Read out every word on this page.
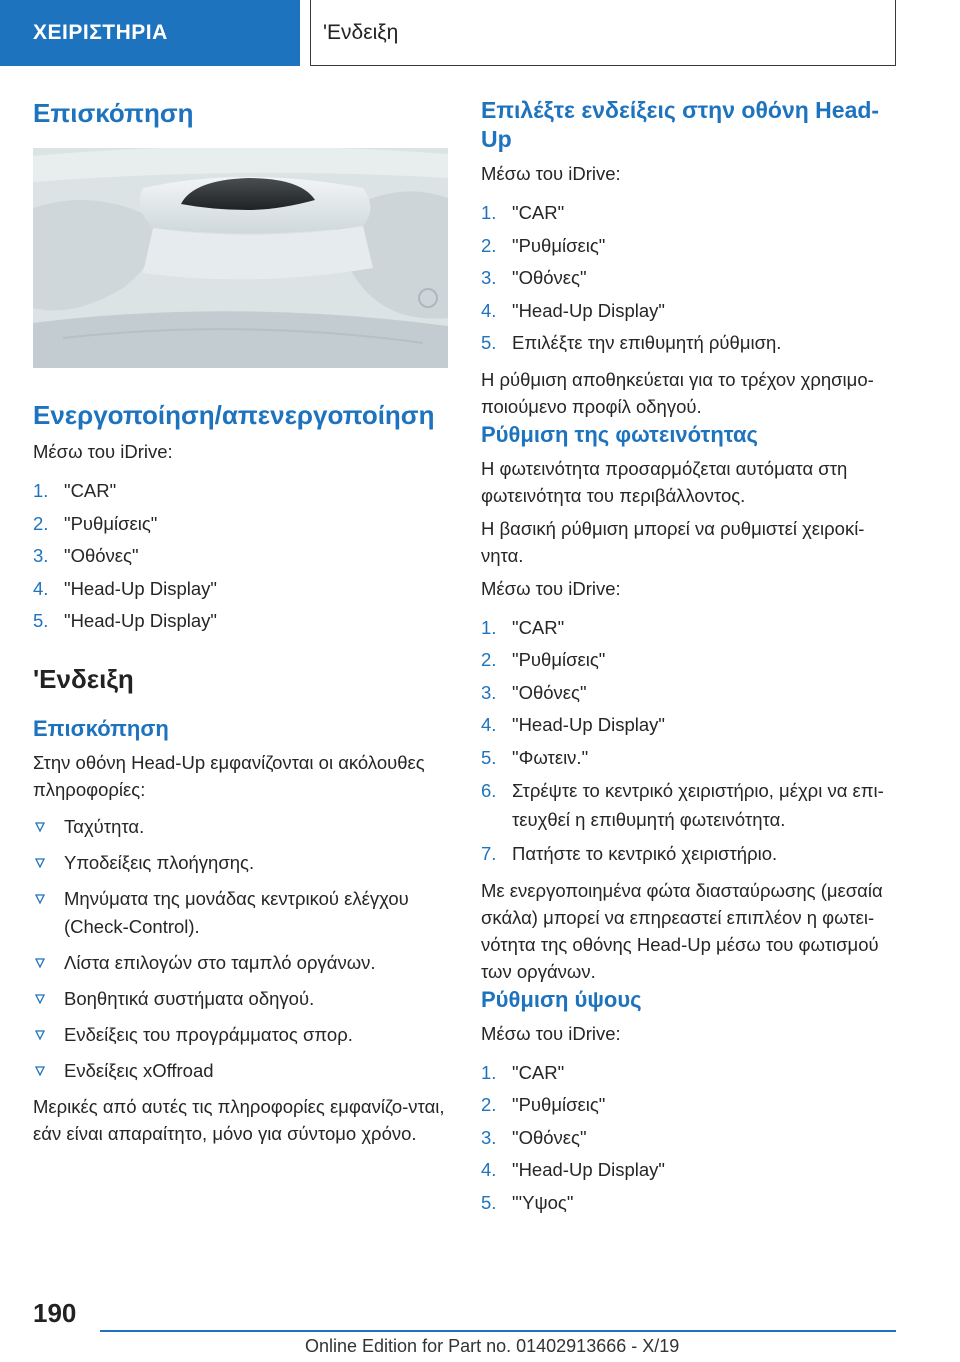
ΧΕΙΡΙΣΤΗΡΙΑ	'Ενδειξη
Επισκόπηση
Ενεργοποίηση/απενεργοποίηση

Μέσω του iDrive:

1. "CAR"
2. "Ρυθμίσεις"
3. "Οθόνες"
4. "Head-Up Display"
5. "Head-Up Display"
'Ενδειξη
Επισκόπηση

Στην οθόνη Head-Up εμφανίζονται οι ακόλουθες πληροφορίες:

Ταχύτητα.
Υποδείξεις πλοήγησης.
Μηνύματα της μονάδας κεντρικού ελέγχου (Check-Control).
Λίστα επιλογών στο ταμπλό οργάνων.
Βοηθητικά συστήματα οδηγού.
Ενδείξεις του προγράμματος σπορ.
Ενδείξεις xOffroad

Μερικές από αυτές τις πληροφορίες εμφανίζο-νται, εάν είναι απαραίτητο, μόνο για σύντομο χρόνο.

Επιλέξτε ενδείξεις στην οθόνη Head-Up

Μέσω του iDrive:

1. "CAR"
2. "Ρυθμίσεις"
3. "Οθόνες"
4. "Head-Up Display"
5. Επιλέξτε την επιθυμητή ρύθμιση.

Η ρύθμιση αποθηκεύεται για το τρέχον χρησιμο-ποιούμενο προφίλ οδηγού.

Ρύθμιση της φωτεινότητας

Η φωτεινότητα προσαρμόζεται αυτόματα στη φωτεινότητα του περιβάλλοντος.

Η βασική ρύθμιση μπορεί να ρυθμιστεί χειροκί-νητα.

Μέσω του iDrive:

1. "CAR"
2. "Ρυθμίσεις"
3. "Οθόνες"
4. "Head-Up Display"
5. "Φωτειν."
6. Στρέψτε το κεντρικό χειριστήριο, μέχρι να επι-τευχθεί η επιθυμητή φωτεινότητα.
7. Πατήστε το κεντρικό χειριστήριο.

Με ενεργοποιημένα φώτα διασταύρωσης (μεσαία σκάλα) μπορεί να επηρεαστεί επιπλέον η φωτει-νότητα της οθόνης Head-Up μέσω του φωτισμού των οργάνων.

Ρύθμιση ύψους

Μέσω του iDrive:

1. "CAR"
2. "Ρυθμίσεις"
3. "Οθόνες"
4. "Head-Up Display"
5. "'Υψος"
190
Online Edition for Part no. 01402913666 - X/19
